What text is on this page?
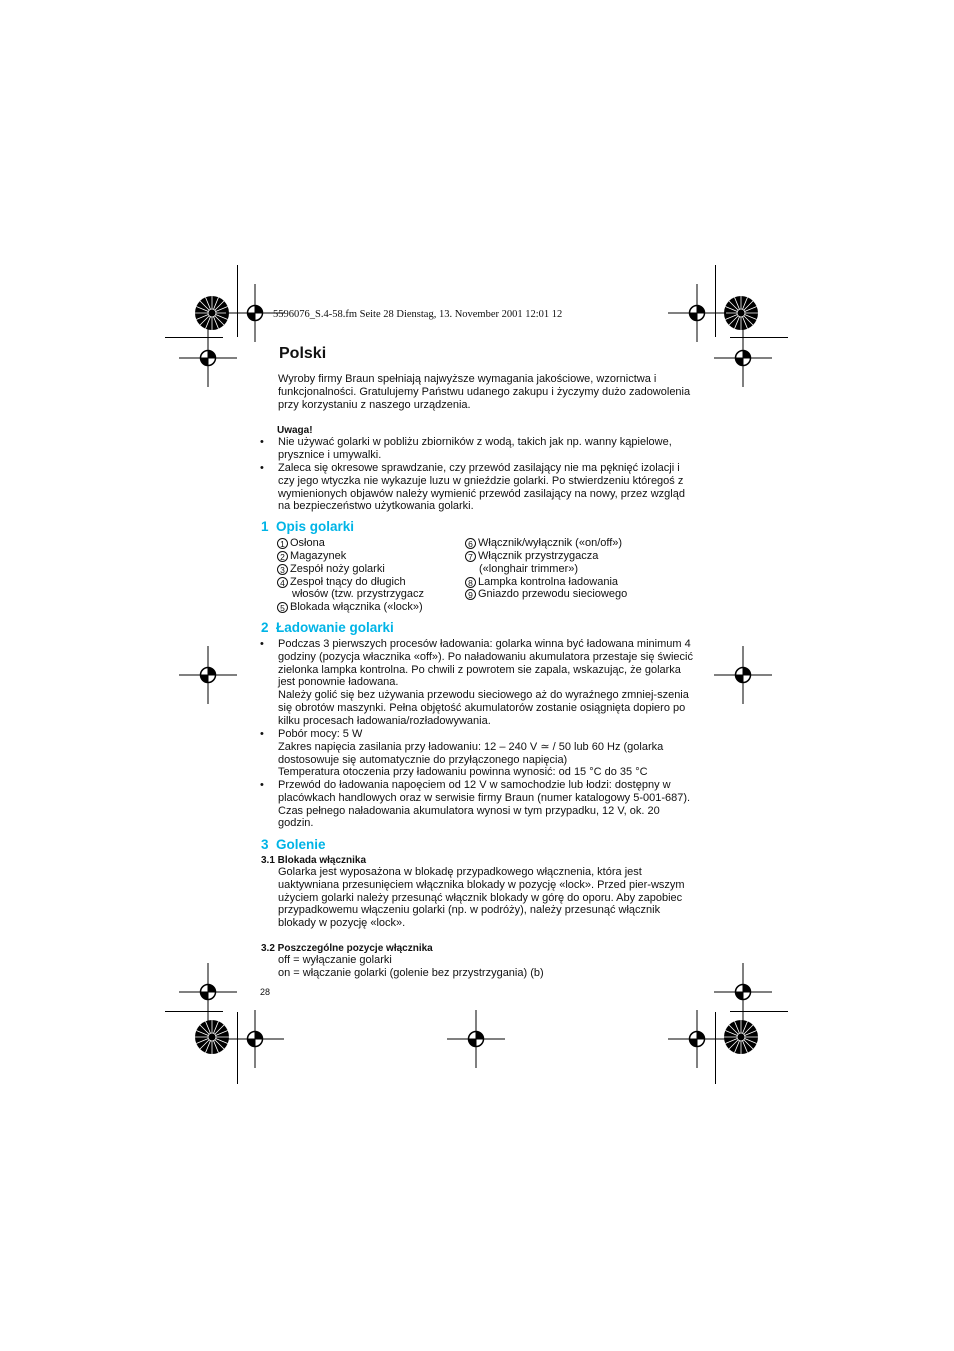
5596076_S.4-58.fm Seite 28 Dienstag, 13. November 2001 12:01 12
Polski
Wyroby firmy Braun spełniają najwyższe wymagania jakościowe, wzornictwa i funkcjonalności. Gratulujemy Państwu udanego zakupu i życzymy dużo zadowolenia przy korzystaniu z naszego urządzenia.
Uwaga!
• Nie używać golarki w pobliżu zbiorników z wodą, takich jak np. wanny kąpielowe, prysznice i umywalki.
• Zaleca się okresowe sprawdzanie, czy przewód zasilający nie ma pęknięć izolacji i czy jego wtyczka nie wykazuje luzu w gnieździe golarki. Po stwierdzeniu któregoś z wymienionych objawów należy wymienić przewód zasilający na nowy, przez wzgląd na bezpieczeństwo użytkowania golarki.
1 Opis golarki
1 Osłona
2 Magazynek
3 Zespół noży golarki
4 Zespoł tnący do długich
włosów (tzw. przystrzygacz
5 Blokada włącznika («lock»)
6 Włącznik/wyłącznik («on/off»)
7 Włącznik przystrzygacza
(«longhair trimmer»)
8 Lampka kontrolna ładowania
9 Gniazdo przewodu sieciowego
2 Ładowanie golarki
• Podczas 3 pierwszych procesów ładowania: golarka winna być ładowana minimum 4 godziny (pozycja włacznika «off»). Po naładowaniu akumulatora przestaje się świecić zielonka lampka kontrolna. Po chwili z powrotem sie zapala, wskazując, że golarka jest ponownie ładowana.
Należy golić się bez używania przewodu sieciowego aż do wyraźnego zmniej-szenia się obrotów maszynki. Pełna objętość akumulatorów zostanie osiągnięta dopiero po kilku procesach ładowania/rozładowywania.
• Pobór mocy: 5 W
Zakres napięcia zasilania przy ładowaniu: 12 – 240 V ≃ / 50 lub 60 Hz (golarka dostosowuje się automatycznie do przyłączonego napięcia)
Temperatura otoczenia przy ładowaniu powinna wynosić: od 15 °C do 35 °C
• Przewód do ładowania napoęciem od 12 V w samochodzie lub łodzi: dostępny w placówkach handlowych oraz w serwisie firmy Braun (numer katalogowy 5-001-687). Czas pełnego naładowania akumulatora wynosi w tym przypadku, 12 V, ok. 20 godzin.
3 Golenie
3.1 Blokada włącznika
Golarka jest wyposażona w blokadę przypadkowego włącznenia, która jest uaktywniana przesunięciem włącznika blokady w pozycję «lock». Przed pier-wszym użyciem golarki należy przesunąć włącznik blokady w górę do oporu. Aby zapobiec przypadkowemu włączeniu golarki (np. w podróży), należy przesunąć włącznik blokady w pozycję «lock».
3.2 Poszczególne pozycje włącznika
off = wyłączanie golarki
on = włączanie golarki (golenie bez przystrzygania) (b)
28
